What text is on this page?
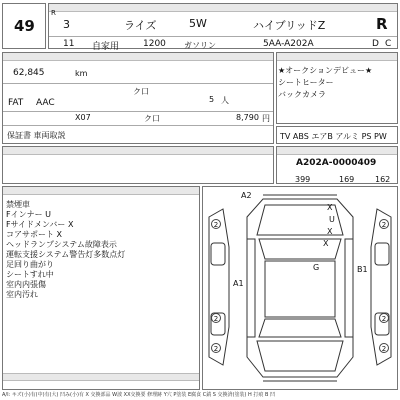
49
R
3	ライズ	5W	ハイブリッドZ	R
11 自家用	1200 ガソリン	5AA-A202A	D C
62,845	km
ク口
5 人
FAT AAC
X07	ク口	8,790 円
保証書 車両取説
★オークションデビュー★
シートヒーター
バックカメラ
TV ABS エアB アルミ PS PW
A202A-0000409
399	169	162
禁煙車
Fインナー U
Fサイドメンバー X
コアサポート X
ヘッドランプシステム故障表示
運転支援システム警告灯多数点灯
足回り曲がり
シートすれ中
室内内張傷
室内汚れ
A2
X
U
X
X
G
A1
B1
2	2
2	2
2	2
A/I: キズ(小)有(中)有(大) 凹み(小)有 X 交換部品 W波 XX交換要 修理跡 Y穴 P塗装 E腐食 C錆 S 交換済(塗装) H 打痕 B 凹
